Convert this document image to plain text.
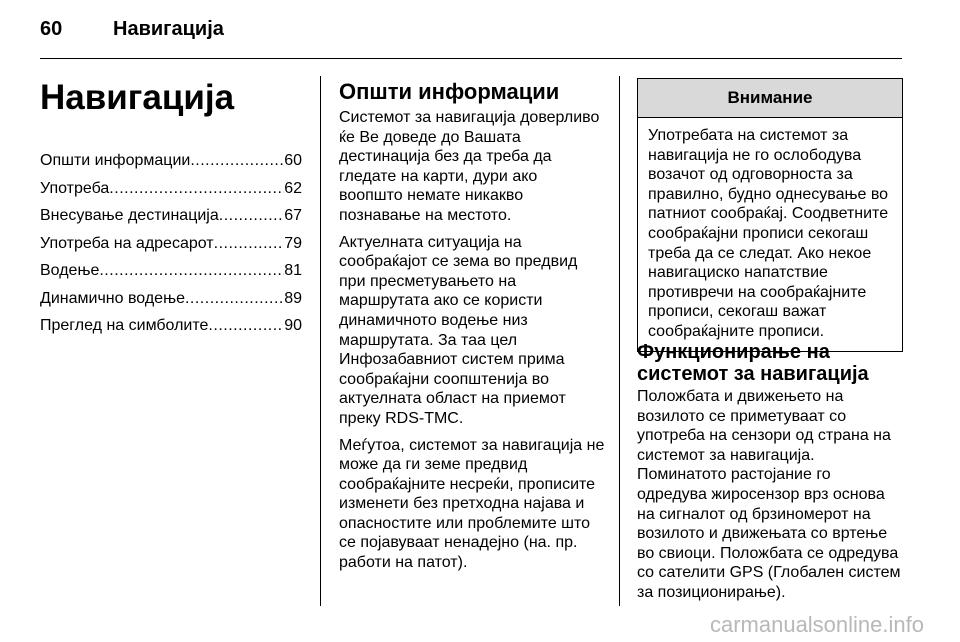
60	Навигација
Навигација
Општи информации .....	60
Употреба .....	62
Внесување дестинација .....	67
Употреба на адресарот .....	79
Водење .....	81
Динамично водење .....	89
Преглед на симболите .....	90
Општи информации

Системот за навигација доверливо ќе Ве доведе до Вашата дестинација без да треба да гледате на карти, дури ако воопшто немате никакво познавање на местото.

Актуелната ситуација на сообраќајот се зема во предвид при пресметувањето на маршрутата ако се користи динамичното водење низ маршрутата. За таа цел Инфозабавниот систем прима сообраќајни соопштенија во актуелната област на приемот преку RDS-TMC.

Меѓутоа, системот за навигација не може да ги земе предвид сообраќајните несреќи, прописите изменети без претходна најава и опасностите или проблемите што се појавуваат ненадејно (на. пр. работи на патот).

Внимание
Употребата на системот за навигација не го ослободува возачот од одговорноста за правилно, будно однесување во патниот сообраќај. Соодветните сообраќајни прописи секогаш треба да се следат. Ако некое навигациско напатствие противречи на сообраќајните прописи, секогаш важат сообраќајните прописи.
Функционирање на системот за навигација

Положбата и движењето на возилото се приметуваат со употреба на сензори од страна на системот за навигација.

Поминатото растојание го одредува жиросензор врз основа на сигналот од брзиномерот на возилото и движењата со вртење во свиоци. Положбата се одредува со сателити GPS (Глобален систем за позиционирање).

carmanualsonline.info
